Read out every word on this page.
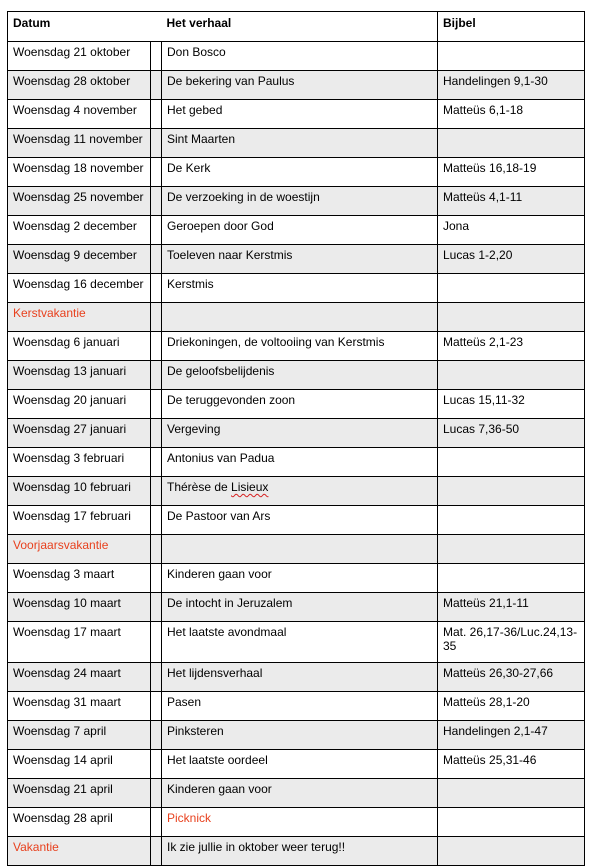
Datum		Het verhaal	Bijbel
Woensdag 21 oktober		Don Bosco	
Woensdag 28 oktober		De bekering van Paulus	Handelingen 9,1-30
Woensdag 4 november		Het gebed	Matteüs 6,1-18
Woensdag 11 november		Sint Maarten	
Woensdag 18 november		De Kerk	Matteüs 16,18-19
Woensdag 25 november		De verzoeking in de woestijn	Matteüs 4,1-11
Woensdag 2 december		Geroepen door God	Jona
Woensdag 9 december		Toeleven naar Kerstmis	Lucas 1-2,20
Woensdag 16 december		Kerstmis	
Kerstvakantie			
Woensdag 6 januari		Driekoningen, de voltooiing van Kerstmis	Matteüs 2,1-23
Woensdag 13 januari		De geloofsbelijdenis	
Woensdag 20 januari		De teruggevonden zoon	Lucas 15,11-32
Woensdag 27 januari		Vergeving	Lucas 7,36-50
Woensdag 3 februari		Antonius van Padua	
Woensdag 10 februari		Thérèse de Lisieux	
Woensdag 17 februari		De Pastoor van Ars	
Voorjaarsvakantie			
Woensdag 3 maart		Kinderen gaan voor	
Woensdag 10 maart		De intocht in Jeruzalem	Matteüs 21,1-11
Woensdag 17 maart		Het laatste avondmaal	Mat. 26,17-36/Luc.24,13-35
Woensdag 24 maart		Het lijdensverhaal	Matteüs 26,30-27,66
Woensdag 31 maart		Pasen	Matteüs 28,1-20
Woensdag 7 april		Pinksteren	Handelingen 2,1-47
Woensdag 14 april		Het laatste oordeel	Matteüs 25,31-46
Woensdag 21 april		Kinderen gaan voor	
Woensdag 28 april		Picknick	
Vakantie		Ik zie jullie in oktober weer terug!!	
